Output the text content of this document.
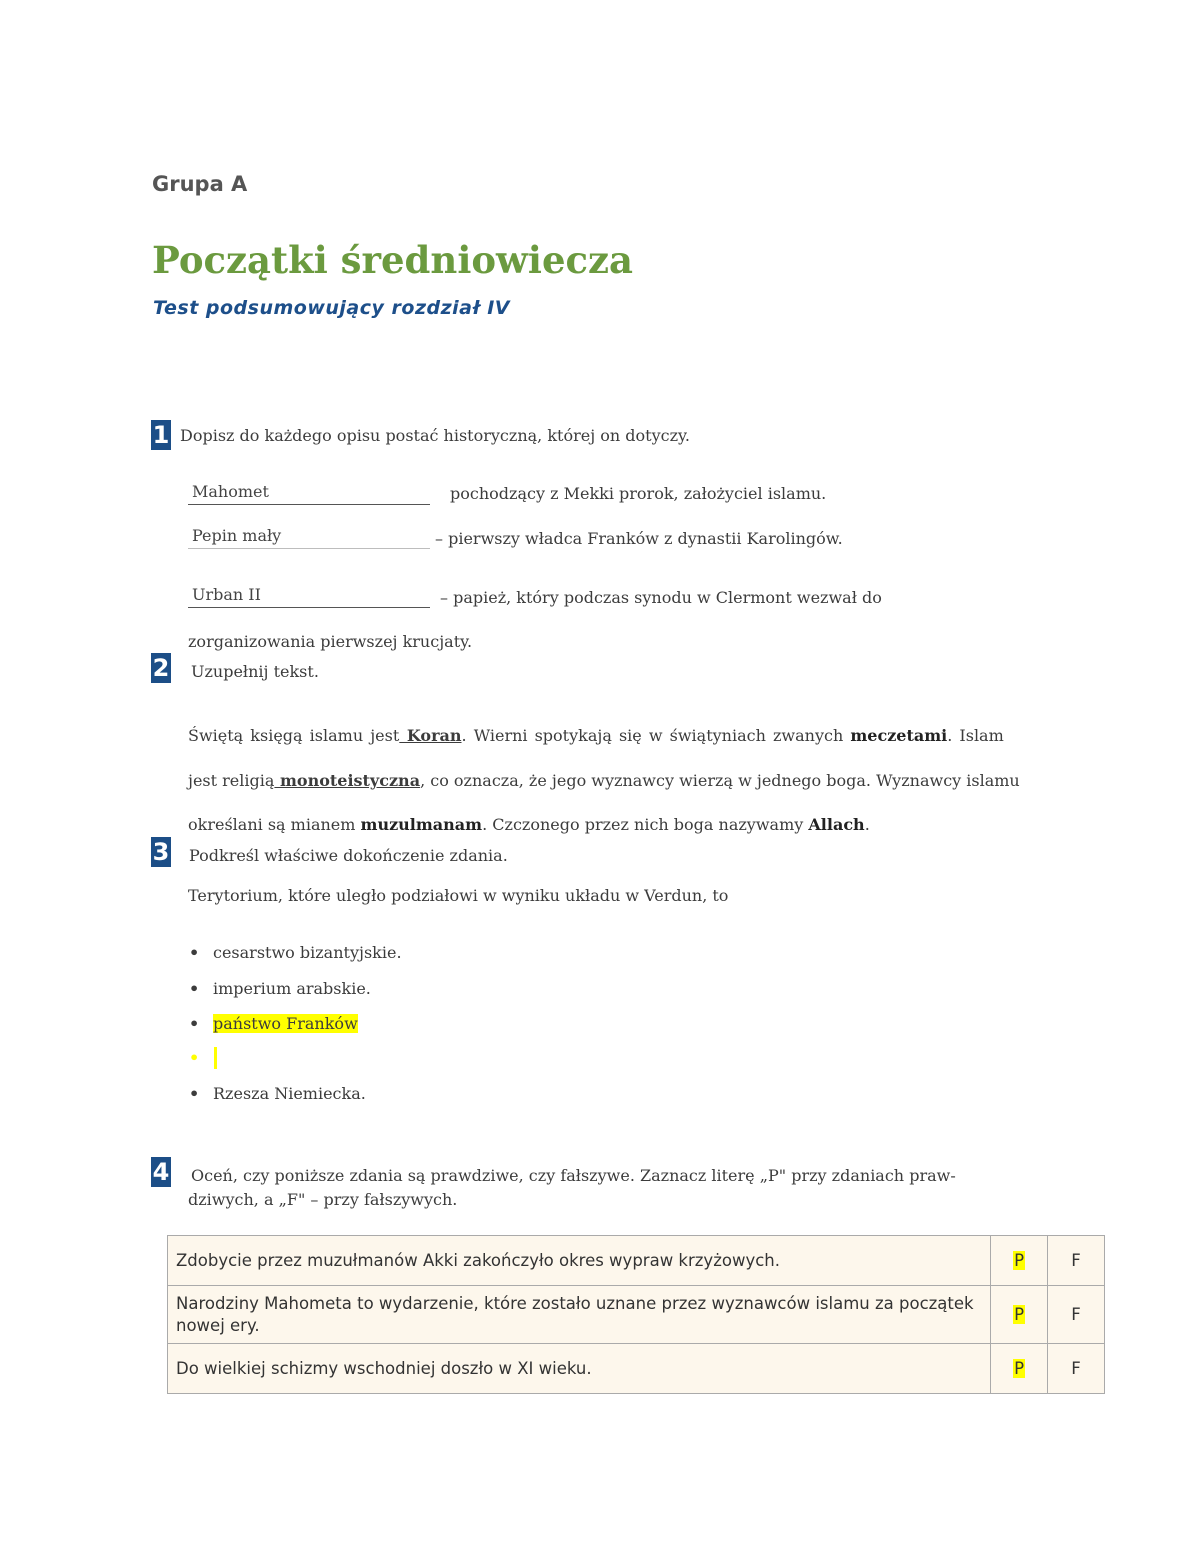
Grupa A
Początki średniowiecza
Test podsumowujący rozdział IV
1 Dopisz do każdego opisu postać historyczną, której on dotyczy.
Mahomet	pochodzący z Mekki prorok, założyciel islamu.
Pepin mały	– pierwszy władca Franków z dynastii Karolingów.
Urban II	– papież, który podczas synodu w Clermont wezwał do
zorganizowania pierwszej krucjaty.
2 Uzupełnij tekst.
Świętą księgą islamu jest Koran. Wierni spotykają się w świątyniach zwanych meczetami. Islam
jest religią monoteistyczna, co oznacza, że jego wyznawcy wierzą w jednego boga. Wyznawcy islamu
określani są mianem muzulmanam. Czczonego przez nich boga nazywamy Allach.
3 Podkreśl właściwe dokończenie zdania.
Terytorium, które uległo podziałowi w wyniku układu w Verdun, to
• cesarstwo bizantyjskie.
• imperium arabskie.
• państwo Franków
•
• Rzesza Niemiecka.
4 Oceń, czy poniższe zdania są prawdziwe, czy fałszywe. Zaznacz literę „P" przy zdaniach praw-
dziwych, a „F" – przy fałszywych.
Zdobycie przez muzułmanów Akki zakończyło okres wypraw krzyżowych.	P	F
Narodziny Mahometa to wydarzenie, które zostało uznane przez wyznawców islamu za początek nowej ery.	P	F
Do wielkiej schizmy wschodniej doszło w XI wieku.	P	F
